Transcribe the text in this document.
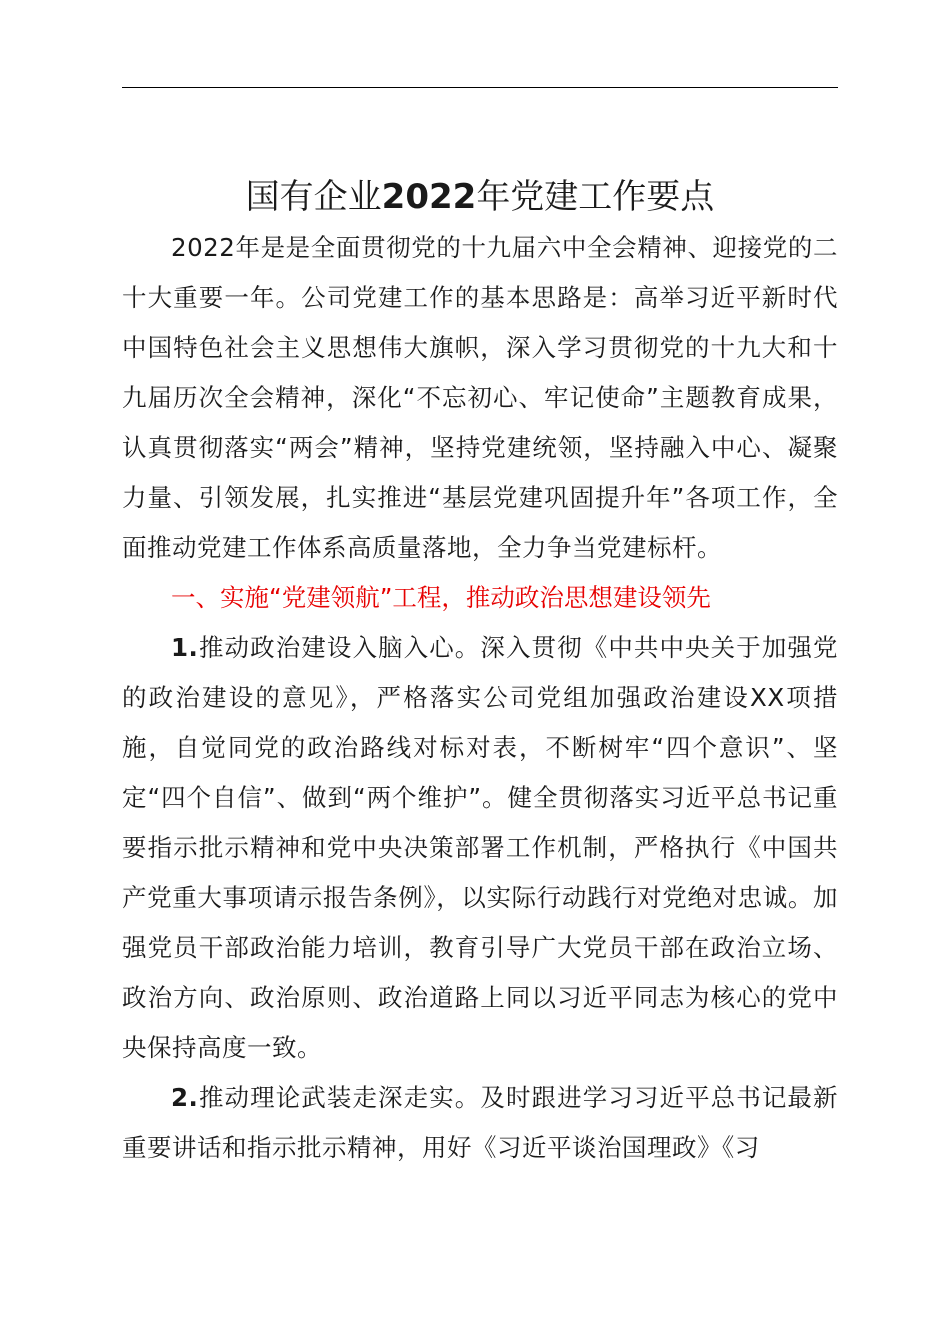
国有企业2022年党建工作要点

2022年是是全面贯彻党的十九届六中全会精神、迎接党的二十大重要一年。公司党建工作的基本思路是：高举习近平新时代中国特色社会主义思想伟大旗帜，深入学习贯彻党的十九大和十九届历次全会精神，深化“不忘初心、牢记使命”主题教育成果，认真贯彻落实“两会”精神，坚持党建统领，坚持融入中心、凝聚力量、引领发展，扎实推进“基层党建巩固提升年”各项工作，全面推动党建工作体系高质量落地，全力争当党建标杆。

一、实施“党建领航”工程，推动政治思想建设领先

1.推动政治建设入脑入心。深入贯彻《中共中央关于加强党的政治建设的意见》，严格落实公司党组加强政治建设XX项措施，自觉同党的政治路线对标对表，不断树牢“四个意识”、坚定“四个自信”、做到“两个维护”。健全贯彻落实习近平总书记重要指示批示精神和党中央决策部署工作机制，严格执行《中国共产党重大事项请示报告条例》，以实际行动践行对党绝对忠诚。加强党员干部政治能力培训，教育引导广大党员干部在政治立场、政治方向、政治原则、政治道路上同以习近平同志为核心的党中央保持高度一致。

2.推动理论武装走深走实。及时跟进学习习近平总书记最新重要讲话和指示批示精神，用好《习近平谈治国理政》《习
